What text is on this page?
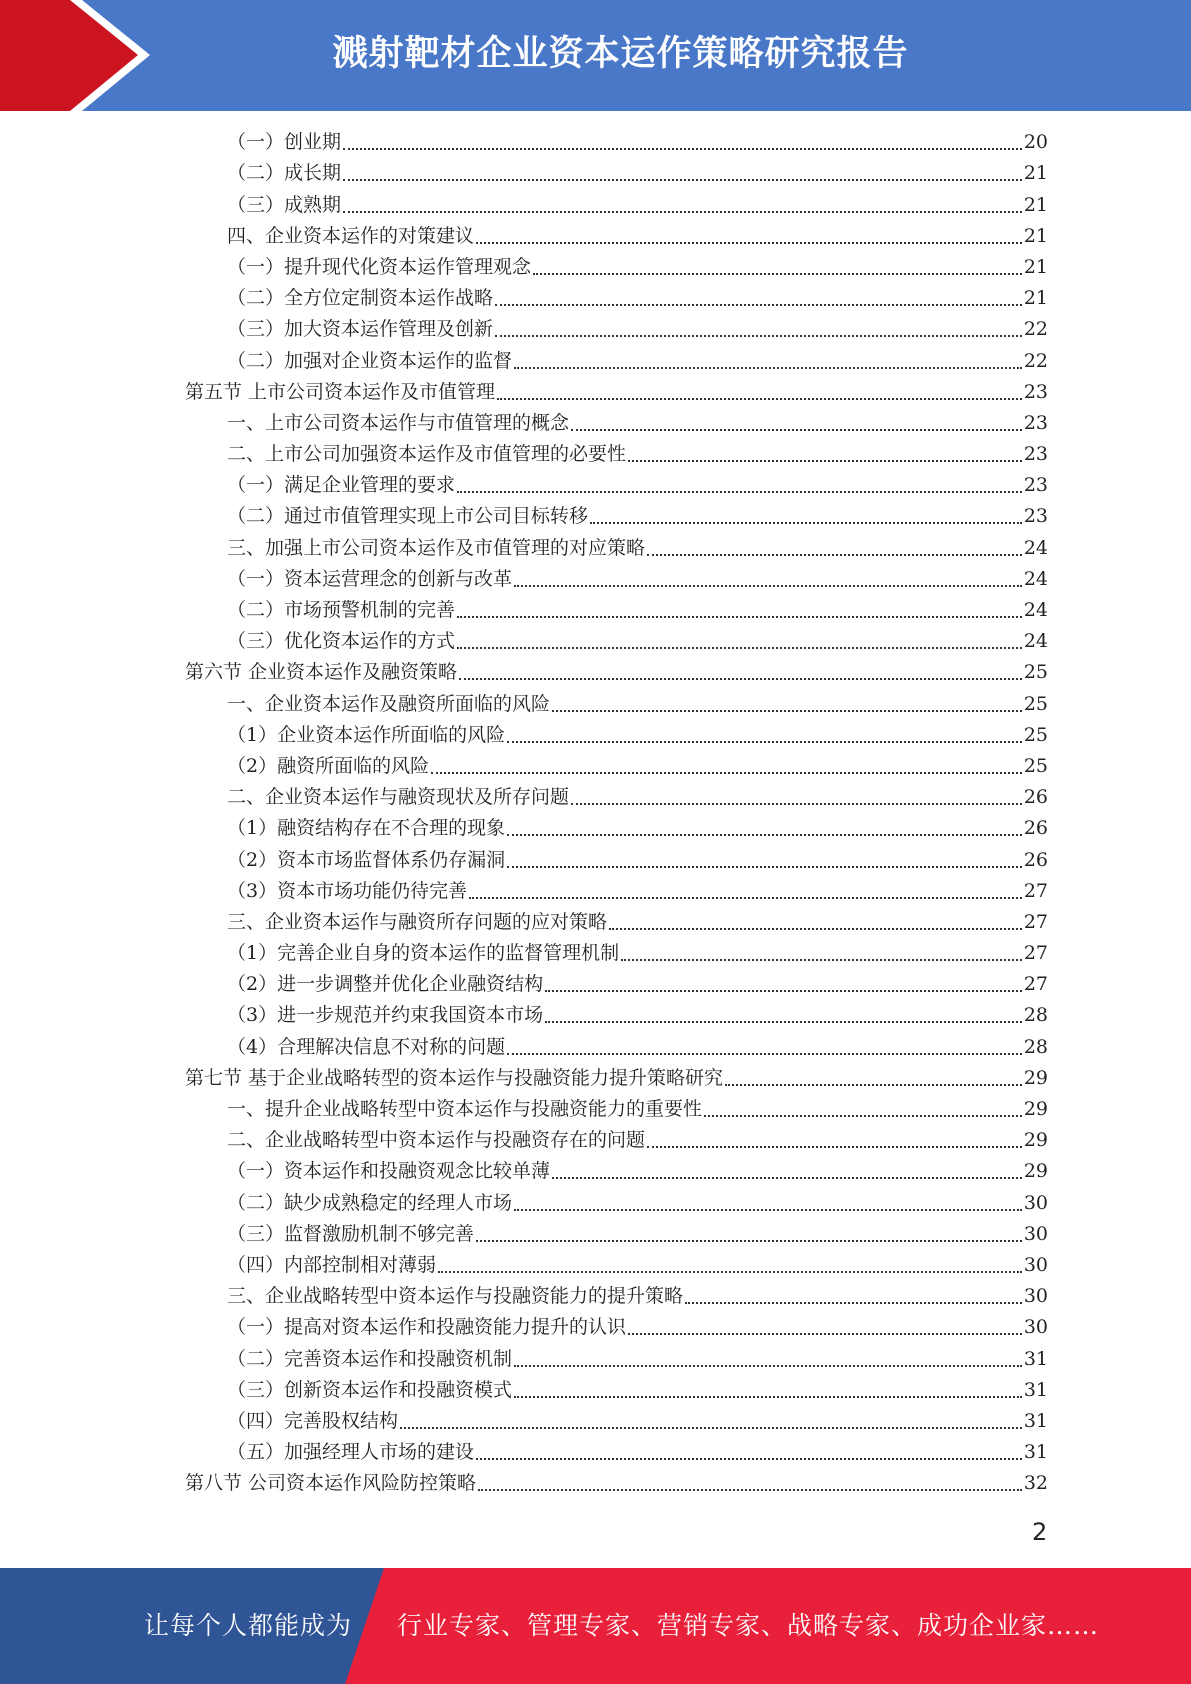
溅射靶材企业资本运作策略研究报告
（一）创业期	20
（二）成长期	21
（三）成熟期	21
四、企业资本运作的对策建议	21
（一）提升现代化资本运作管理观念	21
（二）全方位定制资本运作战略	21
（三）加大资本运作管理及创新	22
（二）加强对企业资本运作的监督	22
第五节 上市公司资本运作及市值管理	23
一、上市公司资本运作与市值管理的概念	23
二、上市公司加强资本运作及市值管理的必要性	23
（一）满足企业管理的要求	23
（二）通过市值管理实现上市公司目标转移	23
三、加强上市公司资本运作及市值管理的对应策略	24
（一）资本运营理念的创新与改革	24
（二）市场预警机制的完善	24
（三）优化资本运作的方式	24
第六节 企业资本运作及融资策略	25
一、企业资本运作及融资所面临的风险	25
（1）企业资本运作所面临的风险	25
（2）融资所面临的风险	25
二、企业资本运作与融资现状及所存问题	26
（1）融资结构存在不合理的现象	26
（2）资本市场监督体系仍存漏洞	26
（3）资本市场功能仍待完善	27
三、企业资本运作与融资所存问题的应对策略	27
（1）完善企业自身的资本运作的监督管理机制	27
（2）进一步调整并优化企业融资结构	27
（3）进一步规范并约束我国资本市场	28
（4）合理解决信息不对称的问题	28
第七节 基于企业战略转型的资本运作与投融资能力提升策略研究	29
一、提升企业战略转型中资本运作与投融资能力的重要性	29
二、企业战略转型中资本运作与投融资存在的问题	29
（一）资本运作和投融资观念比较单薄	29
（二）缺少成熟稳定的经理人市场	30
（三）监督激励机制不够完善	30
（四）内部控制相对薄弱	30
三、企业战略转型中资本运作与投融资能力的提升策略	30
（一）提高对资本运作和投融资能力提升的认识	30
（二）完善资本运作和投融资机制	31
（三）创新资本运作和投融资模式	31
（四）完善股权结构	31
（五）加强经理人市场的建设	31
第八节 公司资本运作风险防控策略	32
2
让每个人都能成为 行业专家、管理专家、营销专家、战略专家、成功企业家……
